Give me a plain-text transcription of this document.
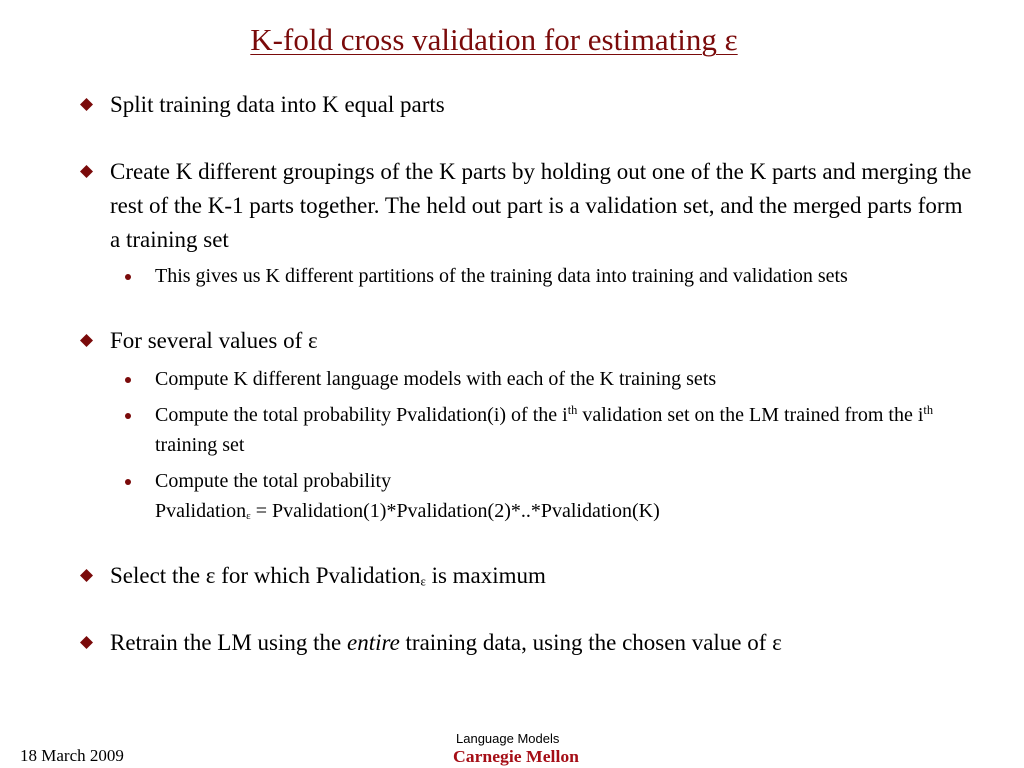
K-fold cross validation for estimating ε
Split training data into K equal parts
Create K different groupings of the K parts by holding out one of the K parts and merging the rest of the K-1 parts together. The held out part is a validation set, and the merged parts form a training set
This gives us K different partitions of the training data into training and validation sets
For several values of ε
Compute K different language models with each of the K training sets
Compute the total probability Pvalidation(i) of the $i^{th}$ validation set on the LM trained from the $i^{th}$ training set
Compute the total probability
Pvalidation$_\varepsilon$ = Pvalidation(1)*Pvalidation(2)*..*Pvalidation(K)
Select the ε for which Pvalidation$_\varepsilon$ is maximum
Retrain the LM using the entire training data, using the chosen value of ε
18 March 2009
Language Models
Carnegie Mellon
